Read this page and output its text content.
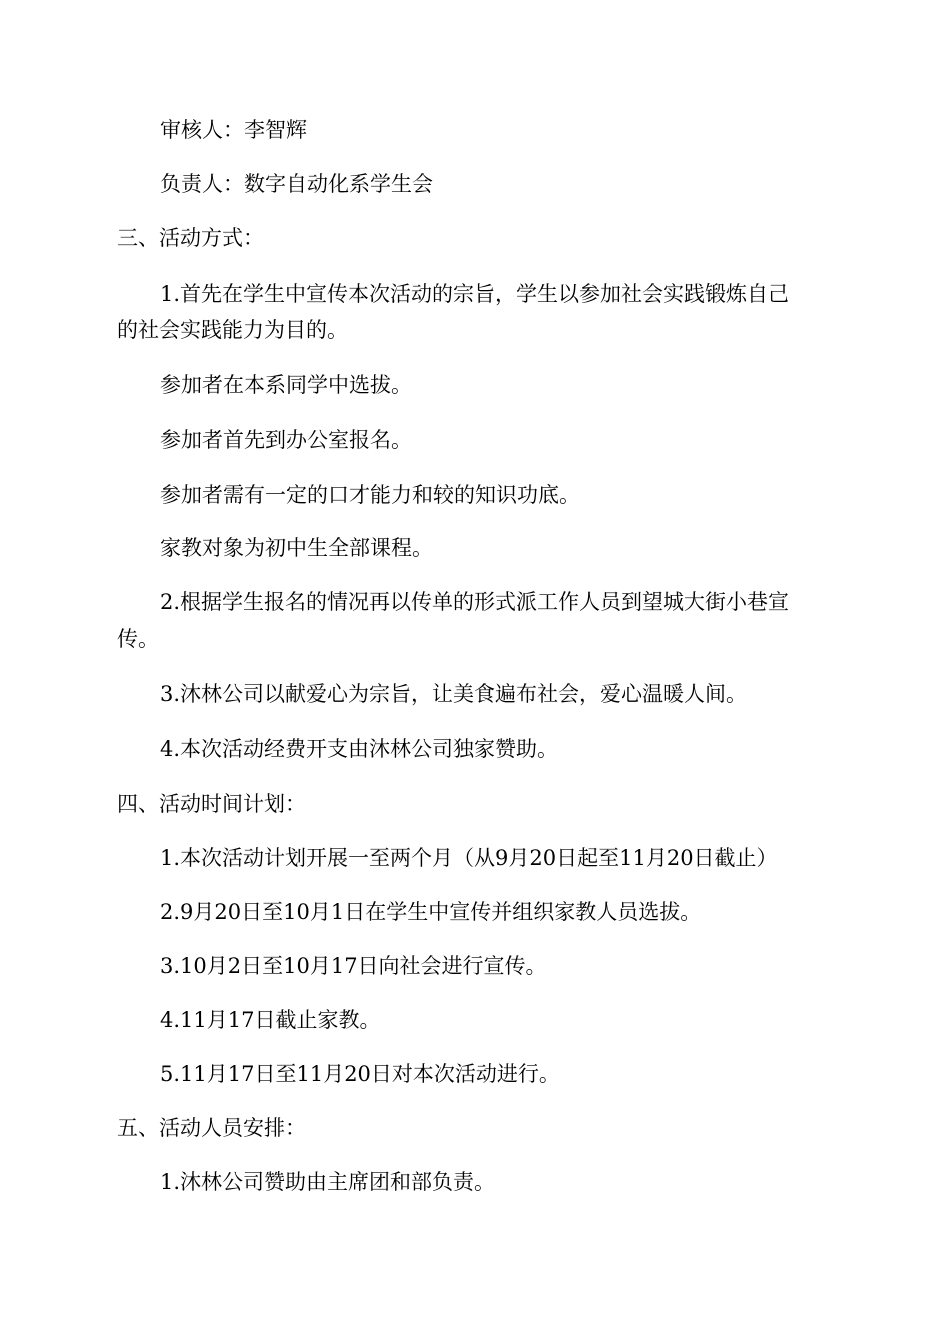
审核人：李智辉
负责人：数字自动化系学生会
三、活动方式：
1.首先在学生中宣传本次活动的宗旨，学生以参加社会实践锻炼自己
的社会实践能力为目的。
参加者在本系同学中选拔。
参加者首先到办公室报名。
参加者需有一定的口才能力和较的知识功底。
家教对象为初中生全部课程。
2.根据学生报名的情况再以传单的形式派工作人员到望城大街小巷宣
传。
3.沐林公司以献爱心为宗旨，让美食遍布社会，爱心温暖人间。
4.本次活动经费开支由沐林公司独家赞助。
四、活动时间计划：
1.本次活动计划开展一至两个月（从9月20日起至11月20日截止）
2.9月20日至10月1日在学生中宣传并组织家教人员选拔。
3.10月2日至10月17日向社会进行宣传。
4.11月17日截止家教。
5.11月17日至11月20日对本次活动进行。
五、活动人员安排：
1.沐林公司赞助由主席团和部负责。
